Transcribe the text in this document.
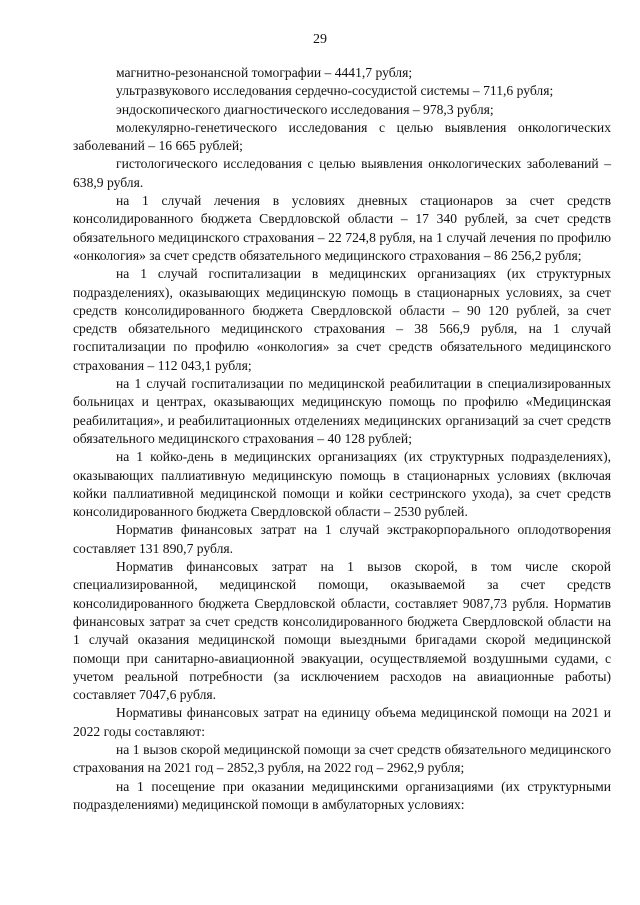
29

магнитно-резонансной томографии – 4441,7 рубля;

ультразвукового исследования сердечно-сосудистой системы – 711,6 рубля;

эндоскопического диагностического исследования – 978,3 рубля;

молекулярно-генетического исследования с целью выявления онкологических заболеваний – 16 665 рублей;

гистологического исследования с целью выявления онкологических заболеваний – 638,9 рубля.

на 1 случай лечения в условиях дневных стационаров за счет средств консолидированного бюджета Свердловской области – 17 340 рублей, за счет средств обязательного медицинского страхования – 22 724,8 рубля, на 1 случай лечения по профилю «онкология» за счет средств обязательного медицинского страхования – 86 256,2 рубля;

на 1 случай госпитализации в медицинских организациях (их структурных подразделениях), оказывающих медицинскую помощь в стационарных условиях, за счет средств консолидированного бюджета Свердловской области – 90 120 рублей, за счет средств обязательного медицинского страхования – 38 566,9 рубля, на 1 случай госпитализации по профилю «онкология» за счет средств обязательного медицинского страхования – 112 043,1 рубля;

на 1 случай госпитализации по медицинской реабилитации в специализированных больницах и центрах, оказывающих медицинскую помощь по профилю «Медицинская реабилитация», и реабилитационных отделениях медицинских организаций за счет средств обязательного медицинского страхования – 40 128 рублей;

на 1 койко-день в медицинских организациях (их структурных подразделениях), оказывающих паллиативную медицинскую помощь в стационарных условиях (включая койки паллиативной медицинской помощи и койки сестринского ухода), за счет средств консолидированного бюджета Свердловской области – 2530 рублей.

Норматив финансовых затрат на 1 случай экстракорпорального оплодотворения составляет 131 890,7 рубля.

Норматив финансовых затрат на 1 вызов скорой, в том числе скорой специализированной, медицинской помощи, оказываемой за счет средств консолидированного бюджета Свердловской области, составляет 9087,73 рубля. Норматив финансовых затрат за счет средств консолидированного бюджета Свердловской области на 1 случай оказания медицинской помощи выездными бригадами скорой медицинской помощи при санитарно-авиационной эвакуации, осуществляемой воздушными судами, с учетом реальной потребности (за исключением расходов на авиационные работы) составляет 7047,6 рубля.

Нормативы финансовых затрат на единицу объема медицинской помощи на 2021 и 2022 годы составляют:

на 1 вызов скорой медицинской помощи за счет средств обязательного медицинского страхования на 2021 год – 2852,3 рубля, на 2022 год – 2962,9 рубля;

на 1 посещение при оказании медицинскими организациями (их структурными подразделениями) медицинской помощи в амбулаторных условиях:
